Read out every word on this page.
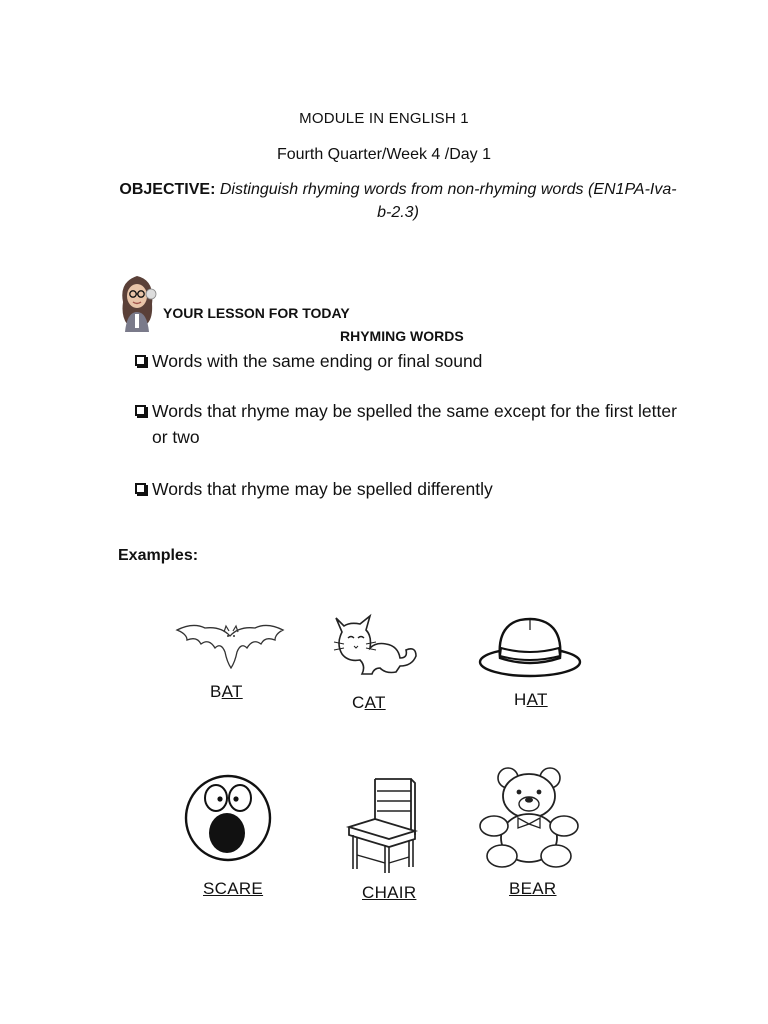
MODULE IN ENGLISH 1
Fourth Quarter/Week 4 /Day 1
OBJECTIVE: Distinguish rhyming words from non-rhyming words (EN1PA-Iva-b-2.3)
YOUR LESSON FOR TODAY
RHYMING WORDS
Words with the same ending or final sound
Words that rhyme may be spelled the same except for the first letter or two
Words that rhyme may be spelled differently
Examples:
BAT
CAT	HAT
SCARE	CHAIR	BEAR
